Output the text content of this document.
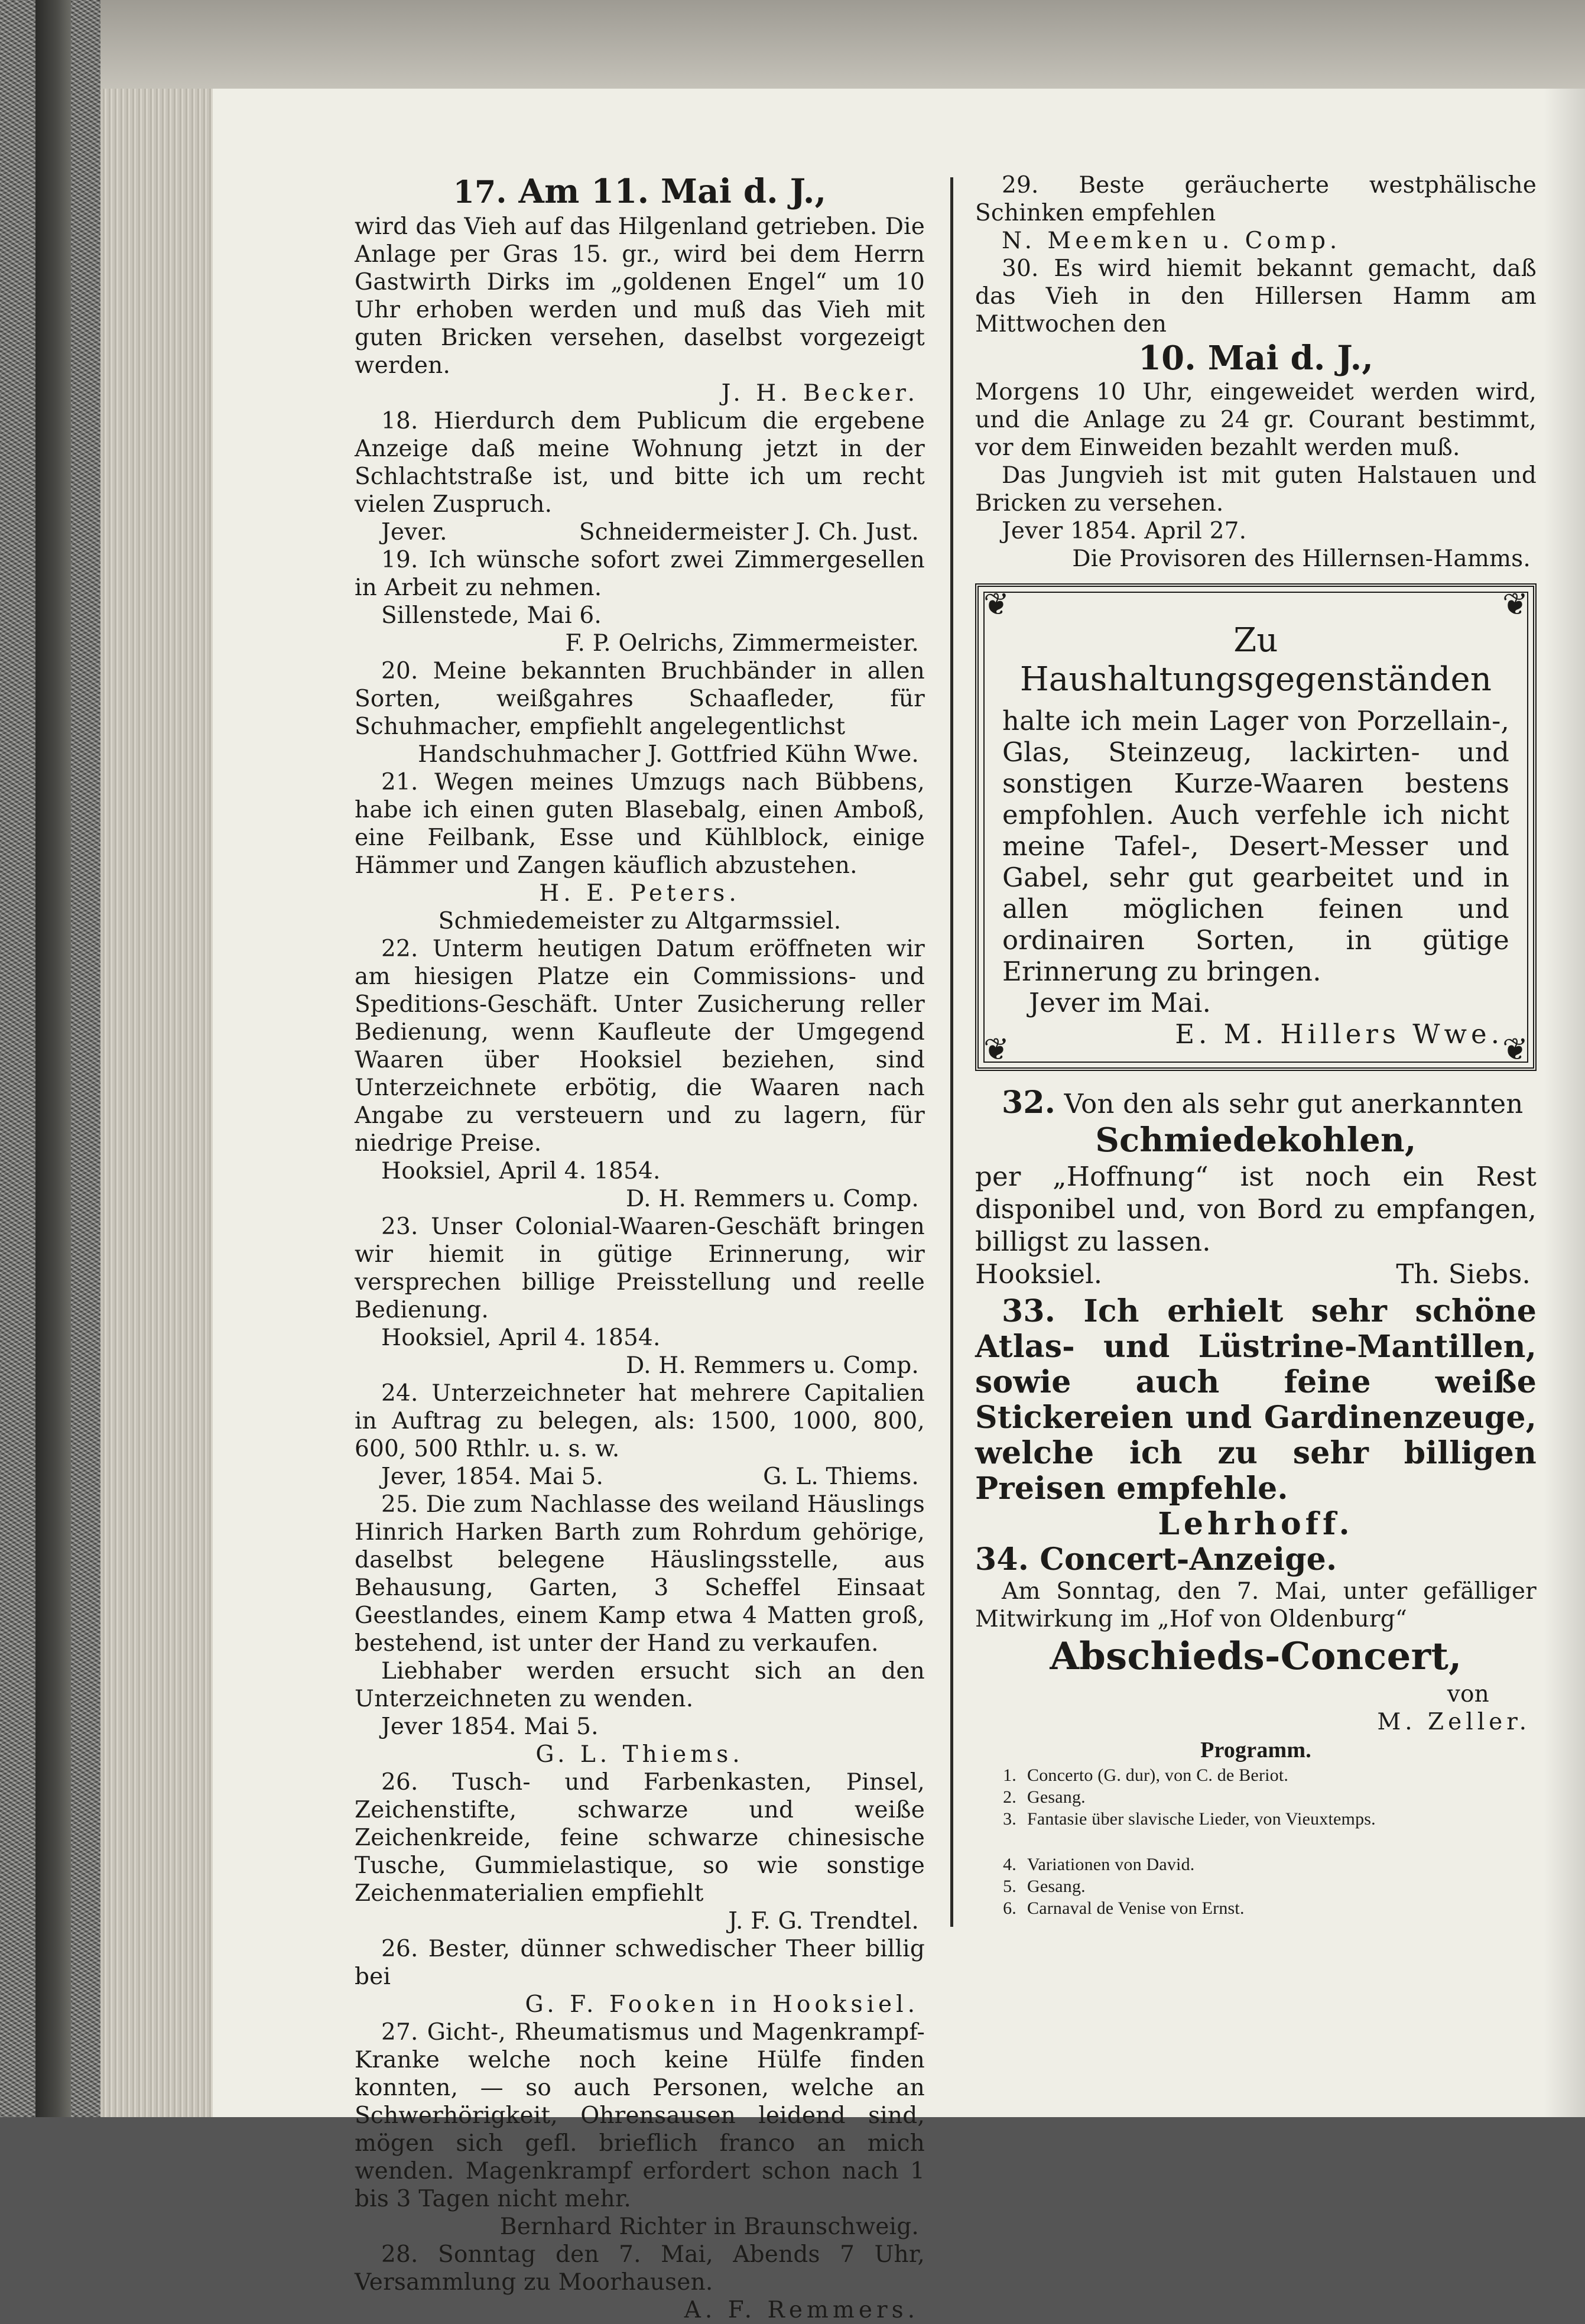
17. Am 11. Mai d. J.,

wird das Vieh auf das Hilgenland getrieben. Die Anlage per Gras 15. gr., wird bei dem Herrn Gastwirth Dirks im „goldenen Engel“ um 10 Uhr erhoben werden und muß das Vieh mit guten Bricken versehen, daselbst vorgezeigt werden.

J. H. Becker.

18. Hierdurch dem Publicum die ergebene Anzeige daß meine Wohnung jetzt in der Schlachtstraße ist, und bitte ich um recht vielen Zuspruch.

Jever.	Schneidermeister J. Ch. Just.

19. Ich wünsche sofort zwei Zimmergesellen in Arbeit zu nehmen.

Sillenstede, Mai 6.

F. P. Oelrichs, Zimmermeister.

20. Meine bekannten Bruchbänder in allen Sorten, weißgahres Schaafleder, für Schuhmacher, empfiehlt angelegentlichst

Handschuhmacher J. Gottfried Kühn Wwe.

21. Wegen meines Umzugs nach Bübbens, habe ich einen guten Blasebalg, einen Amboß, eine Feilbank, Esse und Kühlblock, einige Hämmer und Zangen käuflich abzustehen.

H. E. Peters.

Schmiedemeister zu Altgarmssiel.

22. Unterm heutigen Datum eröffneten wir am hiesigen Platze ein Commissions- und Speditions-Geschäft. Unter Zusicherung reller Bedienung, wenn Kaufleute der Umgegend Waaren über Hooksiel beziehen, sind Unterzeichnete erbötig, die Waaren nach Angabe zu versteuern und zu lagern, für niedrige Preise.

Hooksiel, April 4. 1854.

D. H. Remmers u. Comp.

23. Unser Colonial-Waaren-Geschäft bringen wir hiemit in gütige Erinnerung, wir versprechen billige Preisstellung und reelle Bedienung.

Hooksiel, April 4. 1854.

D. H. Remmers u. Comp.

24. Unterzeichneter hat mehrere Capitalien in Auftrag zu belegen, als: 1500, 1000, 800, 600, 500 Rthlr. u. s. w.

Jever, 1854. Mai 5.	G. L. Thiems.

25. Die zum Nachlasse des weiland Häuslings Hinrich Harken Barth zum Rohrdum gehörige, daselbst belegene Häuslingsstelle, aus Behausung, Garten, 3 Scheffel Einsaat Geestlandes, einem Kamp etwa 4 Matten groß, bestehend, ist unter der Hand zu verkaufen.

Liebhaber werden ersucht sich an den Unterzeichneten zu wenden.

Jever 1854. Mai 5.

G. L. Thiems.

26. Tusch- und Farbenkasten, Pinsel, Zeichenstifte, schwarze und weiße Zeichenkreide, feine schwarze chinesische Tusche, Gummielastique, so wie sonstige Zeichenmaterialien empfiehlt

J. F. G. Trendtel.

26. Bester, dünner schwedischer Theer billig bei

G. F. Fooken in Hooksiel.

27. Gicht-, Rheumatismus und Magenkrampf-Kranke welche noch keine Hülfe finden konnten, — so auch Personen, welche an Schwerhörigkeit, Ohrensausen leidend sind, mögen sich gefl. brieflich franco an mich wenden. Magenkrampf erfordert schon nach 1 bis 3 Tagen nicht mehr.

Bernhard Richter in Braunschweig.

28. Sonntag den 7. Mai, Abends 7 Uhr, Versammlung zu Moorhausen.

A. F. Remmers.

29. Beste geräucherte westphälische Schinken empfehlen

N. Meemken u. Comp.

30. Es wird hiemit bekannt gemacht, daß das Vieh in den Hillersen Hamm am Mittwochen den

10. Mai d. J.,

Morgens 10 Uhr, eingeweidet werden wird, und die Anlage zu 24 gr. Courant bestimmt, vor dem Einweiden bezahlt werden muß.

Das Jungvieh ist mit guten Halstauen und Bricken zu versehen.

Jever 1854. April 27.

Die Provisoren des Hillernsen-Hamms.

❦	❦
❦	❦

Zu Haushaltungsgegenständen

halte ich mein Lager von Porzellain-, Glas, Steinzeug, lackirten- und sonstigen Kurze-Waaren bestens empfohlen. Auch verfehle ich nicht meine Tafel-, Desert-Messer und Gabel, sehr gut gearbeitet und in allen möglichen feinen und ordinairen Sorten, in gütige Erinnerung zu bringen.

Jever im Mai.

E. M. Hillers Wwe.

32. Von den als sehr gut anerkannten

Schmiedekohlen,

per „Hoffnung“ ist noch ein Rest disponibel und, von Bord zu empfangen, billigst zu lassen.

Hooksiel.	Th. Siebs.

33. Ich erhielt sehr schöne Atlas- und Lüstrine-Mantillen, sowie auch feine weiße Stickereien und Gardinenzeuge, welche ich zu sehr billigen Preisen empfehle.

Lehrhoff.

34. Concert-Anzeige.

Am Sonntag, den 7. Mai, unter gefälliger Mitwirkung im „Hof von Oldenburg“

Abschieds-Concert,

von

M. Zeller.

Programm.
1. Concerto (G. dur), von C. de Beriot.
2. Gesang.
3. Fantasie über slavische Lieder, von Vieuxtemps.
4. Variationen von David.
5. Gesang.
6. Carnaval de Venise von Ernst.
